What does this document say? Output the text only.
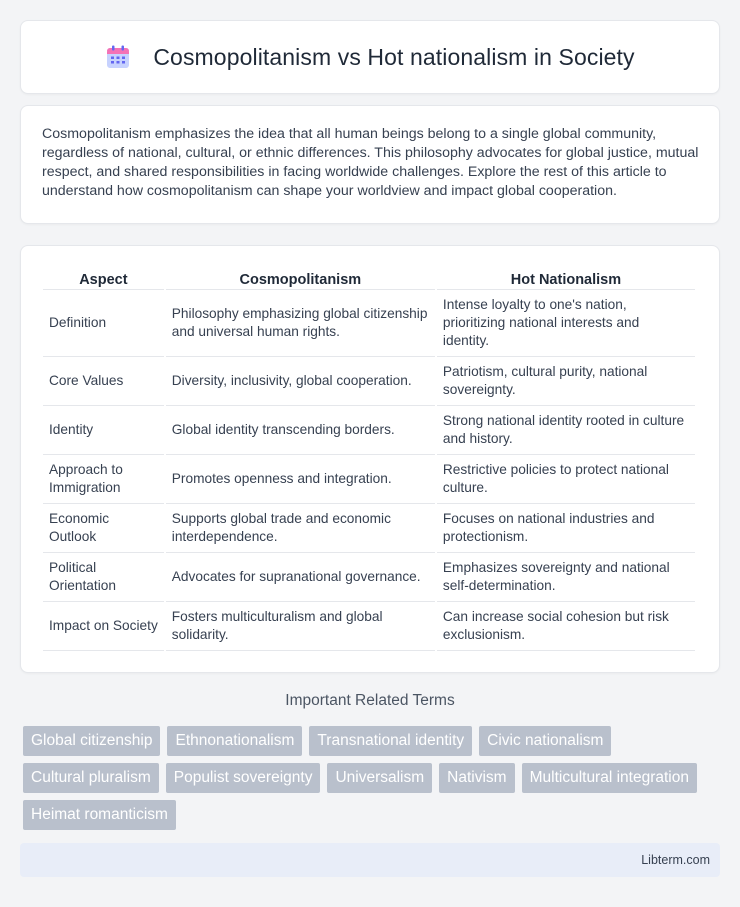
Cosmopolitanism vs Hot nationalism in Society

Cosmopolitanism emphasizes the idea that all human beings belong to a single global community, regardless of national, cultural, or ethnic differences. This philosophy advocates for global justice, mutual respect, and shared responsibilities in facing worldwide challenges. Explore the rest of this article to understand how cosmopolitanism can shape your worldview and impact global cooperation.

Aspect	Cosmopolitanism	Hot Nationalism
Definition	Philosophy emphasizing global citizenship and universal human rights.	Intense loyalty to one's nation, prioritizing national interests and identity.
Core Values	Diversity, inclusivity, global cooperation.	Patriotism, cultural purity, national sovereignty.
Identity	Global identity transcending borders.	Strong national identity rooted in culture and history.
Approach to Immigration	Promotes openness and integration.	Restrictive policies to protect national culture.
Economic Outlook	Supports global trade and economic interdependence.	Focuses on national industries and protectionism.
Political Orientation	Advocates for supranational governance.	Emphasizes sovereignty and national self-determination.
Impact on Society	Fosters multiculturalism and global solidarity.	Can increase social cohesion but risk exclusionism.
Important Related Terms
Global citizenship	Ethnonationalism	Transnational identity	Civic nationalism
Cultural pluralism	Populist sovereignty	Universalism	Nativism	Multicultural integration
Heimat romanticism
Libterm.com
